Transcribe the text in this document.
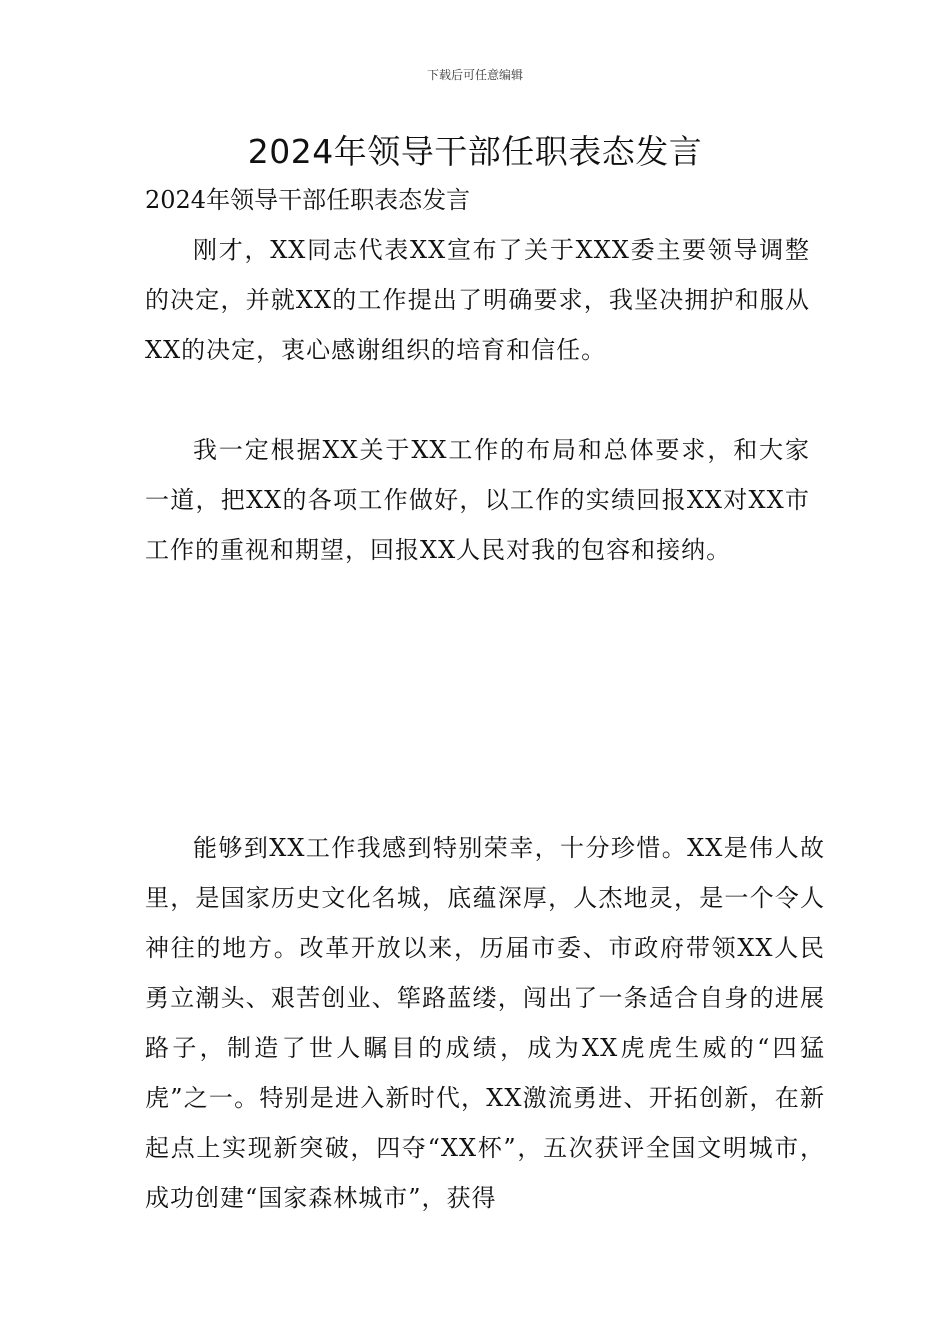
下载后可任意编辑
2024年领导干部任职表态发言
2024年领导干部任职表态发言
刚才，XX同志代表XX宣布了关于XXX委主要领导调整的决定，并就XX的工作提出了明确要求，我坚决拥护和服从XX的决定，衷心感谢组织的培育和信任。
我一定根据XX关于XX工作的布局和总体要求，和大家一道，把XX的各项工作做好，以工作的实绩回报XX对XX市工作的重视和期望，回报XX人民对我的包容和接纳。
能够到XX工作我感到特别荣幸，十分珍惜。XX是伟人故里，是国家历史文化名城，底蕴深厚，人杰地灵，是一个令人神往的地方。改革开放以来，历届市委、市政府带领XX人民勇立潮头、艰苦创业、筚路蓝缕，闯出了一条适合自身的进展路子，制造了世人瞩目的成绩，成为XX虎虎生威的“四猛虎”之一。特别是进入新时代，XX激流勇进、开拓创新，在新起点上实现新突破，四夺“XX杯”，五次获评全国文明城市，成功创建“国家森林城市”，获得
